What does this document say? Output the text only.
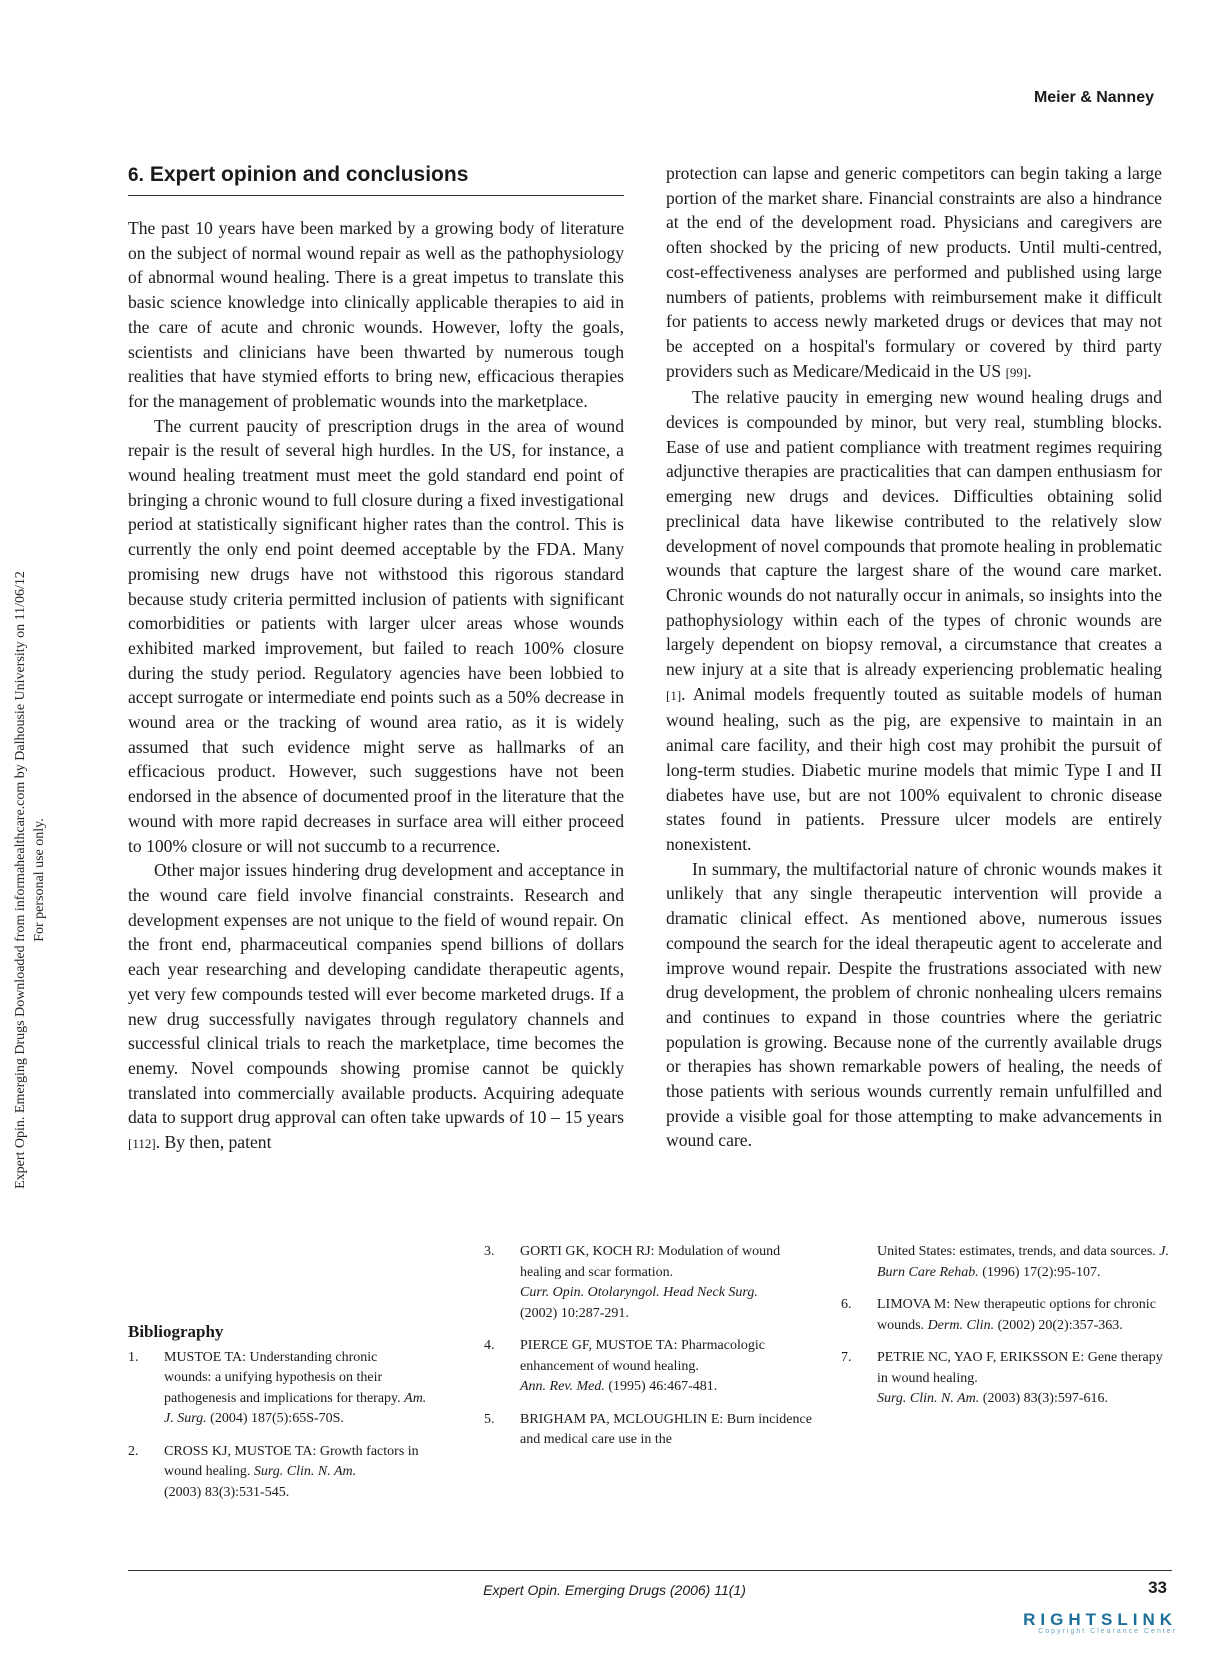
Meier & Nanney
Expert Opin. Emerging Drugs Downloaded from informahealthcare.com by Dalhousie University on 11/06/12 For personal use only.
6. Expert opinion and conclusions

The past 10 years have been marked by a growing body of literature on the subject of normal wound repair as well as the pathophysiology of abnormal wound healing. There is a great impetus to translate this basic science knowledge into clinically applicable therapies to aid in the care of acute and chronic wounds. However, lofty the goals, scientists and clinicians have been thwarted by numerous tough realities that have stymied efforts to bring new, efficacious therapies for the management of problematic wounds into the marketplace.

The current paucity of prescription drugs in the area of wound repair is the result of several high hurdles. In the US, for instance, a wound healing treatment must meet the gold standard end point of bringing a chronic wound to full closure during a fixed investigational period at statistically significant higher rates than the control. This is currently the only end point deemed acceptable by the FDA. Many promising new drugs have not withstood this rigorous standard because study criteria permitted inclusion of patients with significant comorbidities or patients with larger ulcer areas whose wounds exhibited marked improvement, but failed to reach 100% closure during the study period. Regulatory agencies have been lobbied to accept surrogate or intermediate end points such as a 50% decrease in wound area or the tracking of wound area ratio, as it is widely assumed that such evidence might serve as hallmarks of an efficacious product. However, such suggestions have not been endorsed in the absence of documented proof in the literature that the wound with more rapid decreases in surface area will either proceed to 100% closure or will not succumb to a recurrence.

Other major issues hindering drug development and acceptance in the wound care field involve financial constraints. Research and development expenses are not unique to the field of wound repair. On the front end, pharmaceutical companies spend billions of dollars each year researching and developing candidate therapeutic agents, yet very few compounds tested will ever become marketed drugs. If a new drug successfully navigates through regulatory channels and successful clinical trials to reach the marketplace, time becomes the enemy. Novel compounds showing promise cannot be quickly translated into commercially available products. Acquiring adequate data to support drug approval can often take upwards of 10 – 15 years [112]. By then, patent

protection can lapse and generic competitors can begin taking a large portion of the market share. Financial constraints are also a hindrance at the end of the development road. Physicians and caregivers are often shocked by the pricing of new products. Until multi-centred, cost-effectiveness analyses are performed and published using large numbers of patients, problems with reimbursement make it difficult for patients to access newly marketed drugs or devices that may not be accepted on a hospital's formulary or covered by third party providers such as Medicare/Medicaid in the US [99].

The relative paucity in emerging new wound healing drugs and devices is compounded by minor, but very real, stumbling blocks. Ease of use and patient compliance with treatment regimes requiring adjunctive therapies are practicalities that can dampen enthusiasm for emerging new drugs and devices. Difficulties obtaining solid preclinical data have likewise contributed to the relatively slow development of novel compounds that promote healing in problematic wounds that capture the largest share of the wound care market. Chronic wounds do not naturally occur in animals, so insights into the pathophysiology within each of the types of chronic wounds are largely dependent on biopsy removal, a circumstance that creates a new injury at a site that is already experiencing problematic healing [1]. Animal models frequently touted as suitable models of human wound healing, such as the pig, are expensive to maintain in an animal care facility, and their high cost may prohibit the pursuit of long-term studies. Diabetic murine models that mimic Type I and II diabetes have use, but are not 100% equivalent to chronic disease states found in patients. Pressure ulcer models are entirely nonexistent.

In summary, the multifactorial nature of chronic wounds makes it unlikely that any single therapeutic intervention will provide a dramatic clinical effect. As mentioned above, numerous issues compound the search for the ideal therapeutic agent to accelerate and improve wound repair. Despite the frustrations associated with new drug development, the problem of chronic nonhealing ulcers remains and continues to expand in those countries where the geriatric population is growing. Because none of the currently available drugs or therapies has shown remarkable powers of healing, the needs of those patients with serious wounds currently remain unfulfilled and provide a visible goal for those attempting to make advancements in wound care.

Bibliography
1. MUSTOE TA: Understanding chronic wounds: a unifying hypothesis on their pathogenesis and implications for therapy. Am. J. Surg. (2004) 187(5):65S-70S.
2. CROSS KJ, MUSTOE TA: Growth factors in wound healing. Surg. Clin. N. Am.
(2003) 83(3):531-545.
3. GORTI GK, KOCH RJ: Modulation of wound healing and scar formation.
Curr. Opin. Otolaryngol. Head Neck Surg.
(2002) 10:287-291.
4. PIERCE GF, MUSTOE TA: Pharmacologic enhancement of wound healing.
Ann. Rev. Med. (1995) 46:467-481.
5. BRIGHAM PA, MCLOUGHLIN E: Burn incidence and medical care use in the
United States: estimates, trends, and data sources. J. Burn Care Rehab. (1996) 17(2):95-107.
6. LIMOVA M: New therapeutic options for chronic wounds. Derm. Clin. (2002) 20(2):357-363.
7. PETRIE NC, YAO F, ERIKSSON E: Gene therapy in wound healing.
Surg. Clin. N. Am. (2003) 83(3):597-616.
Expert Opin. Emerging Drugs (2006) 11(1)	33
RIGHTSLINK
Copyright Clearance Center
